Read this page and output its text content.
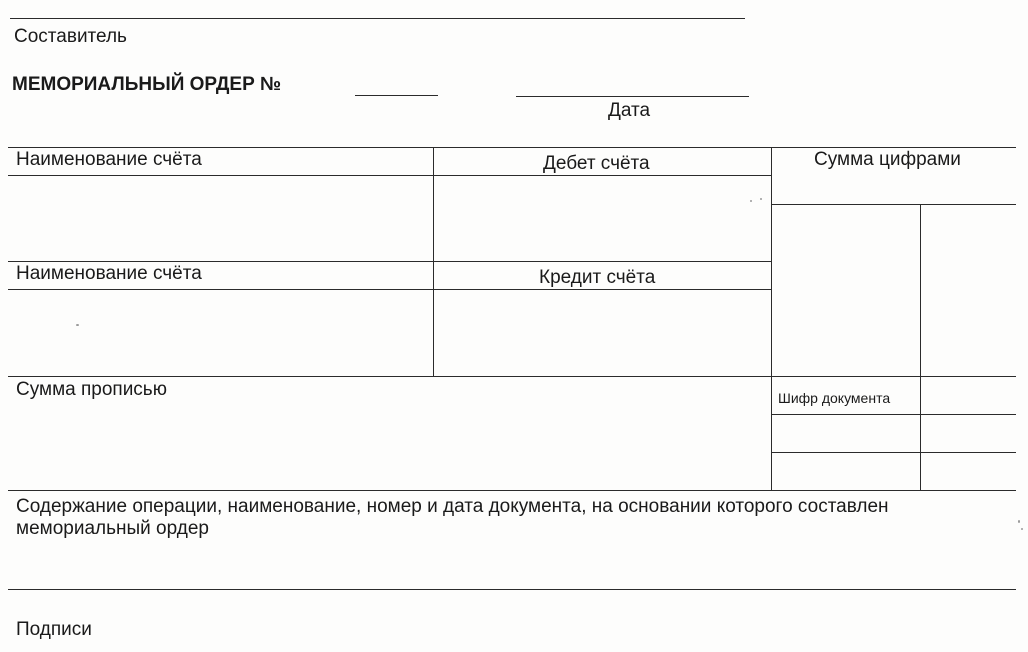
Составитель
МЕМОРИАЛЬНЫЙ ОРДЕР №
Дата
Наименование счёта	Дебет счёта	Сумма цифрами
Наименование счёта	Кредит счёта
Сумма прописью	Шифр документа
Содержание операции, наименование, номер и дата документа, на основании которого составлен мемориальный ордер
Подписи
